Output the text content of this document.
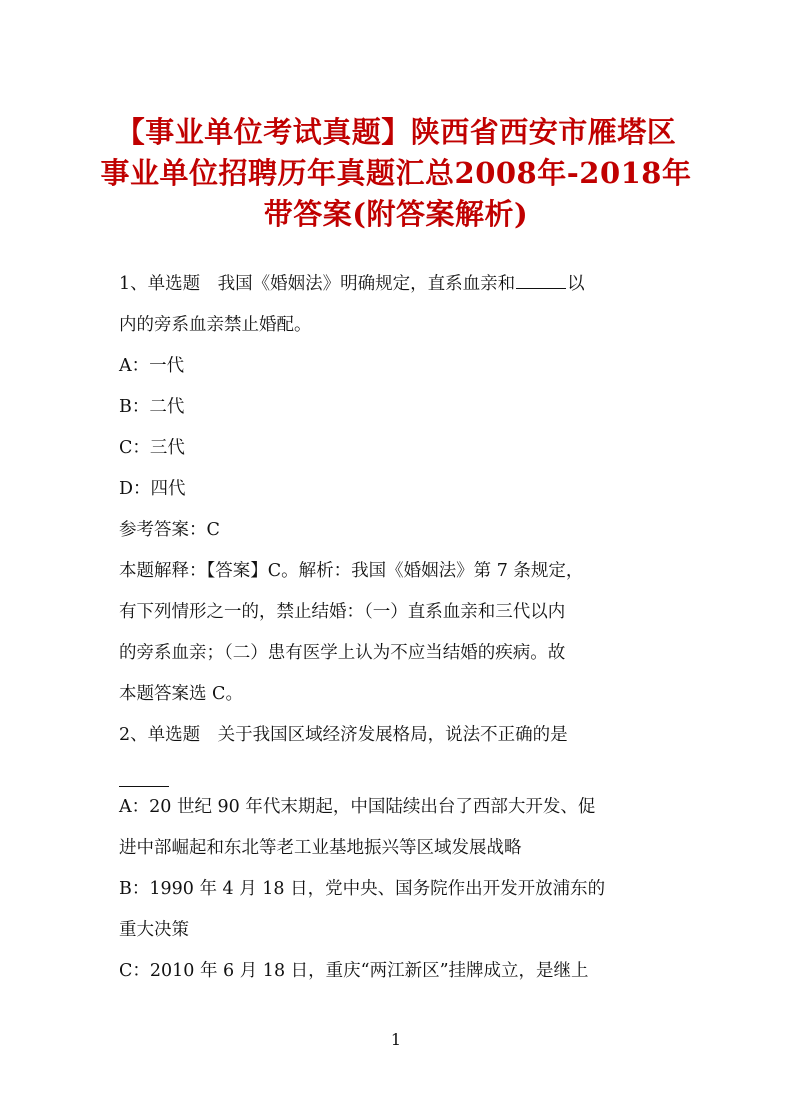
【事业单位考试真题】陕西省西安市雁塔区
事业单位招聘历年真题汇总2008年-2018年
带答案(附答案解析)

1、单选题　我国《婚姻法》明确规定，直系血亲和	以

内的旁系血亲禁止婚配。

A：一代

B：二代

C：三代

D：四代

参考答案：C

本题解释：【答案】C。解析：我国《婚姻法》第 7 条规定，

有下列情形之一的，禁止结婚：（一）直系血亲和三代以内

的旁系血亲；（二）患有医学上认为不应当结婚的疾病。故

本题答案选 C。

2、单选题　关于我国区域经济发展格局，说法不正确的是

A：20 世纪 90 年代末期起，中国陆续出台了西部大开发、促

进中部崛起和东北等老工业基地振兴等区域发展战略

B：1990 年 4 月 18 日，党中央、国务院作出开发开放浦东的

重大决策

C：2010 年 6 月 18 日，重庆“两江新区”挂牌成立，是继上

1
